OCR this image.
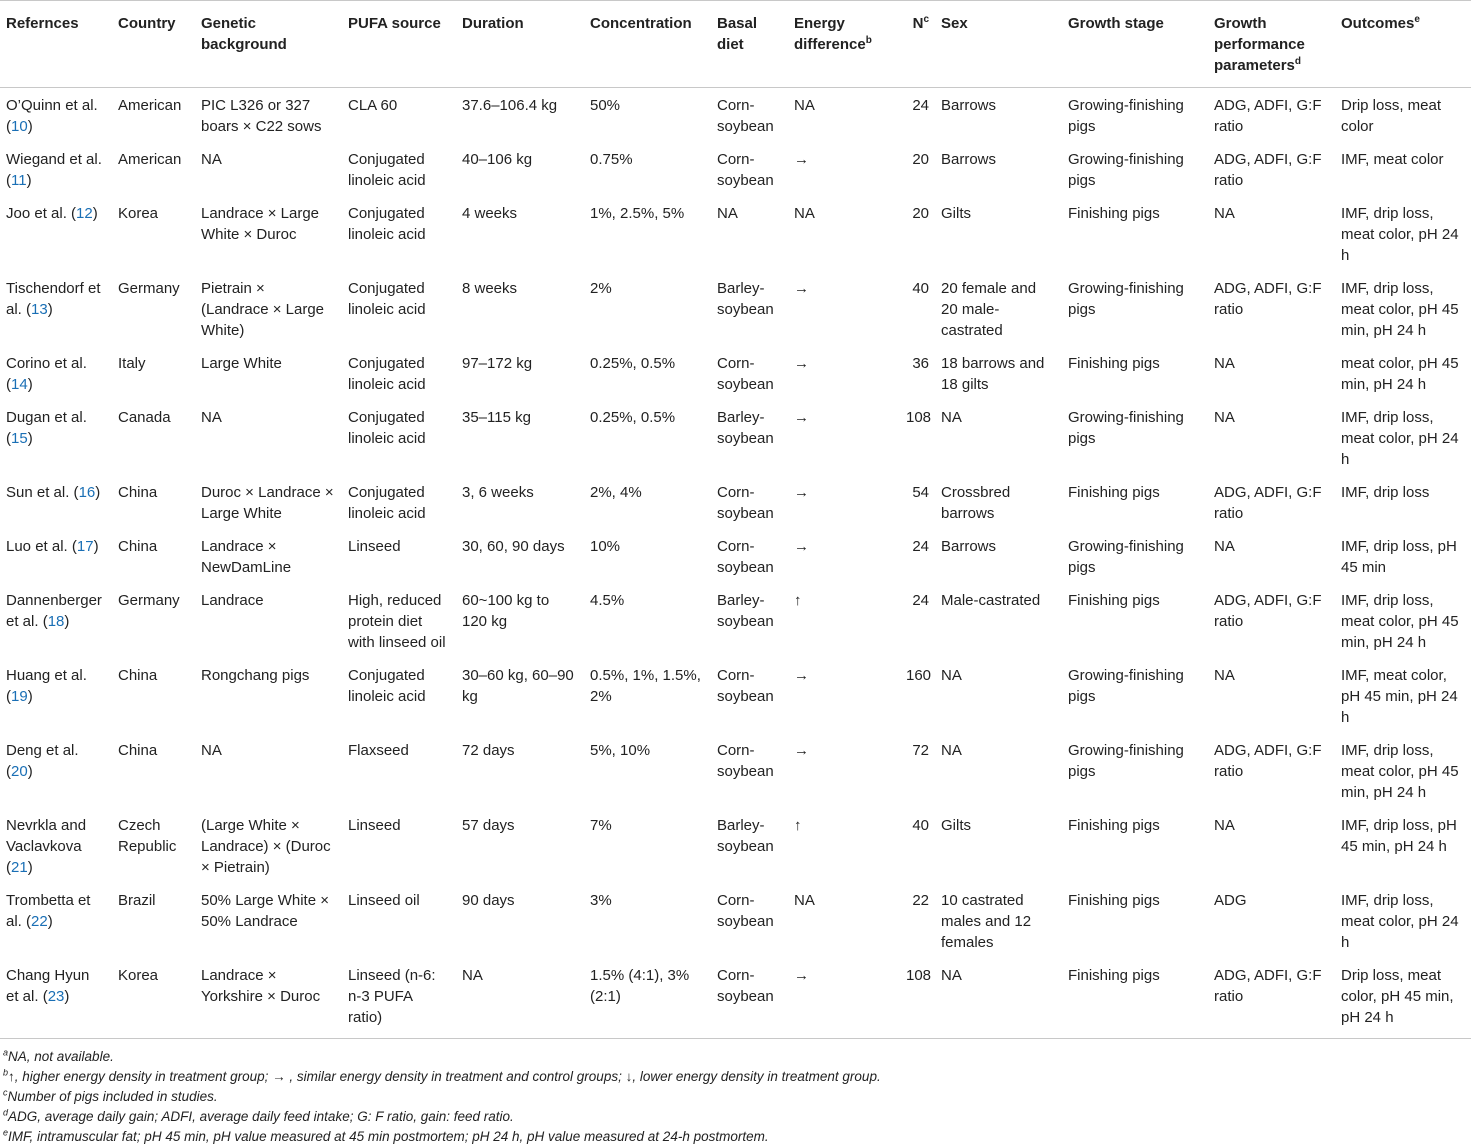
Refernces	Country	Genetic background	PUFA source	Duration	Concentration	Basal diet	Energy difference$^b$	$N^c$	Sex	Growth stage	Growth performance parameters$^d$	Outcomes$^e$
O’Quinn et al. (10)	American	PIC L326 or 327 boars × C22 sows	CLA 60	37.6–106.4 kg	50%	Corn-soybean	NA	24	Barrows	Growing-finishing pigs	ADG, ADFI, G:F ratio	Drip loss, meat color
Wiegand et al. (11)	American	NA	Conjugated linoleic acid	40–106 kg	0.75%	Corn-soybean	→	20	Barrows	Growing-finishing pigs	ADG, ADFI, G:F ratio	IMF, meat color
Joo et al. (12)	Korea	Landrace × Large White × Duroc	Conjugated linoleic acid	4 weeks	1%, 2.5%, 5%	NA	NA	20	Gilts	Finishing pigs	NA	IMF, drip loss, meat color, pH 24 h
Tischendorf et al. (13)	Germany	Pietrain × (Landrace × Large White)	Conjugated linoleic acid	8 weeks	2%	Barley-soybean	→	40	20 female and 20 male-castrated	Growing-finishing pigs	ADG, ADFI, G:F ratio	IMF, drip loss, meat color, pH 45 min, pH 24 h
Corino et al. (14)	Italy	Large White	Conjugated linoleic acid	97–172 kg	0.25%, 0.5%	Corn-soybean	→	36	18 barrows and 18 gilts	Finishing pigs	NA	meat color, pH 45 min, pH 24 h
Dugan et al. (15)	Canada	NA	Conjugated linoleic acid	35–115 kg	0.25%, 0.5%	Barley-soybean	→	108	NA	Growing-finishing pigs	NA	IMF, drip loss, meat color, pH 24 h
Sun et al. (16)	China	Duroc × Landrace × Large White	Conjugated linoleic acid	3, 6 weeks	2%, 4%	Corn-soybean	→	54	Crossbred barrows	Finishing pigs	ADG, ADFI, G:F ratio	IMF, drip loss
Luo et al. (17)	China	Landrace × NewDamLine	Linseed	30, 60, 90 days	10%	Corn-soybean	→	24	Barrows	Growing-finishing pigs	NA	IMF, drip loss, pH 45 min
Dannenberger et al. (18)	Germany	Landrace	High, reduced protein diet with linseed oil	60~100 kg to 120 kg	4.5%	Barley-soybean	↑	24	Male-castrated	Finishing pigs	ADG, ADFI, G:F ratio	IMF, drip loss, meat color, pH 45 min, pH 24 h
Huang et al. (19)	China	Rongchang pigs	Conjugated linoleic acid	30–60 kg, 60–90 kg	0.5%, 1%, 1.5%, 2%	Corn-soybean	→	160	NA	Growing-finishing pigs	NA	IMF, meat color, pH 45 min, pH 24 h
Deng et al. (20)	China	NA	Flaxseed	72 days	5%, 10%	Corn-soybean	→	72	NA	Growing-finishing pigs	ADG, ADFI, G:F ratio	IMF, drip loss, meat color, pH 45 min, pH 24 h
Nevrkla and Vaclavkova (21)	Czech Republic	(Large White × Landrace) × (Duroc × Pietrain)	Linseed	57 days	7%	Barley-soybean	↑	40	Gilts	Finishing pigs	NA	IMF, drip loss, pH 45 min, pH 24 h
Trombetta et al. (22)	Brazil	50% Large White × 50% Landrace	Linseed oil	90 days	3%	Corn-soybean	NA	22	10 castrated males and 12 females	Finishing pigs	ADG	IMF, drip loss, meat color, pH 24 h
Chang Hyun et al. (23)	Korea	Landrace × Yorkshire × Duroc	Linseed (n-6: n-3 PUFA ratio)	NA	1.5% (4:1), 3% (2:1)	Corn-soybean	→	108	NA	Finishing pigs	ADG, ADFI, G:F ratio	Drip loss, meat color, pH 45 min, pH 24 h
$^a$NA, not available.
$^b$↑, higher energy density in treatment group; → , similar energy density in treatment and control groups; ↓, lower energy density in treatment group.
$^c$Number of pigs included in studies.
$^d$ADG, average daily gain; ADFI, average daily feed intake; G: F ratio, gain: feed ratio.
$^e$IMF, intramuscular fat; pH 45 min, pH value measured at 45 min postmortem; pH 24 h, pH value measured at 24-h postmortem.
